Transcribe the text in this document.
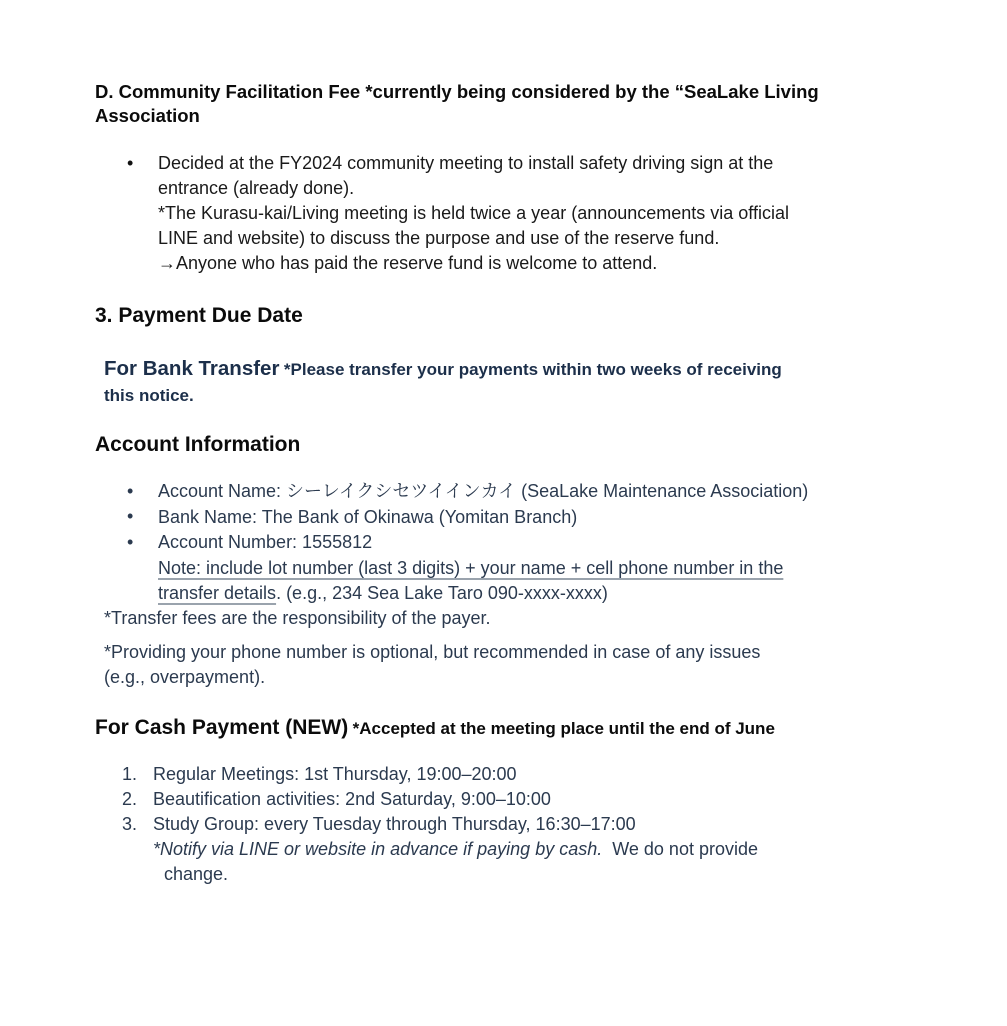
D. Community Facilitation Fee *currently being considered by the “SeaLake Living
Association
• Decided at the FY2024 community meeting to install safety driving sign at the
entrance (already done).
*The Kurasu-kai/Living meeting is held twice a year (announcements via official
LINE and website) to discuss the purpose and use of the reserve fund.
→Anyone who has paid the reserve fund is welcome to attend.
3. Payment Due Date
For Bank Transfer *Please transfer your payments within two weeks of receiving
this notice.
Account Information
•
•
•
Account Name: シーレイクシセツイインカイ (SeaLake Maintenance Association)
Bank Name: The Bank of Okinawa (Yomitan Branch)
Account Number: 1555812
Note: include lot number (last 3 digits) + your name + cell phone number in the
transfer details. (e.g., 234 Sea Lake Taro 090-xxxx-xxxx)
*Transfer fees are the responsibility of the payer.
*Providing your phone number is optional, but recommended in case of any issues
(e.g., overpayment).
For Cash Payment (NEW) *Accepted at the meeting place until the end of June
1. Regular Meetings: 1st Thursday, 19:00–20:00
2. Beautification activities: 2nd Saturday, 9:00–10:00
3. Study Group: every Tuesday through Thursday, 16:30–17:00
*Notify via LINE or website in advance if paying by cash.  We do not provide
change.
